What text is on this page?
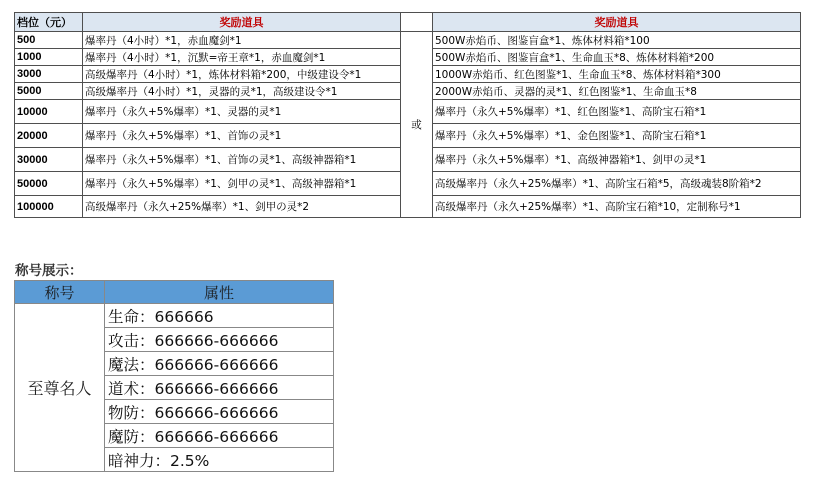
档位（元）	奖励道具		奖励道具
500	爆率丹（4小时）*1，赤血魔剑*1	或	500W赤焰币、图鉴盲盒*1、炼体材料箱*100
1000	爆率丹（4小时）*1，沉默=帝王章*1，赤血魔剑*1		500W赤焰币、图鉴盲盒*1、生命血玉*8、炼体材料箱*200
3000	高级爆率丹（4小时）*1，炼体材料箱*200，中级建设令*1		1000W赤焰币、红色图鉴*1、生命血玉*8、炼体材料箱*300
5000	高级爆率丹（4小时）*1，灵器的灵*1，高级建设令*1		2000W赤焰币、灵器的灵*1、红色图鉴*1、生命血玉*8
10000	爆率丹（永久+5%爆率）*1、灵器的灵*1		爆率丹（永久+5%爆率）*1、红色图鉴*1、高阶宝石箱*1
20000	爆率丹（永久+5%爆率）*1、首饰の灵*1		爆率丹（永久+5%爆率）*1、金色图鉴*1、高阶宝石箱*1
30000	爆率丹（永久+5%爆率）*1、首饰の灵*1、高级神器箱*1		爆率丹（永久+5%爆率）*1、高级神器箱*1、剑甲の灵*1
50000	爆率丹（永久+5%爆率）*1、剑甲の灵*1、高级神器箱*1		高级爆率丹（永久+25%爆率）*1、高阶宝石箱*5，高级魂装8阶箱*2
100000	高级爆率丹（永久+25%爆率）*1、剑甲の灵*2		高级爆率丹（永久+25%爆率）*1、高阶宝石箱*10，定制称号*1
称号展示：
称号	属性
至尊名人	生命：666666
	攻击：666666-666666
	魔法：666666-666666
	道术：666666-666666
	物防：666666-666666
	魔防：666666-666666
	暗神力：2.5%
